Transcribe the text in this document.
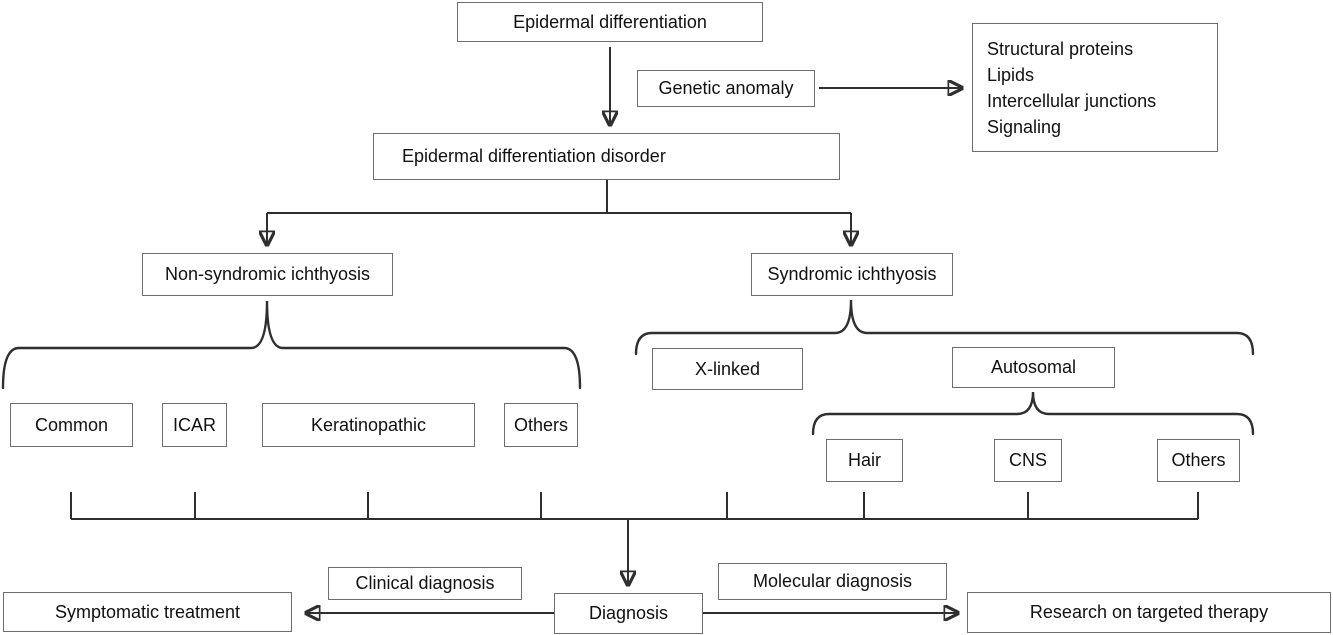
Epidermal differentiation
Genetic anomaly
Structural proteins
Lipids
Intercellular junctions
Signaling
Epidermal differentiation disorder
Non-syndromic ichthyosis	Syndromic ichthyosis
Common	ICAR	Keratinopathic	Others
X-linked	Autosomal
Hair	CNS	Others
Clinical diagnosis	Molecular diagnosis
Diagnosis
Symptomatic treatment	Research on targeted therapy
